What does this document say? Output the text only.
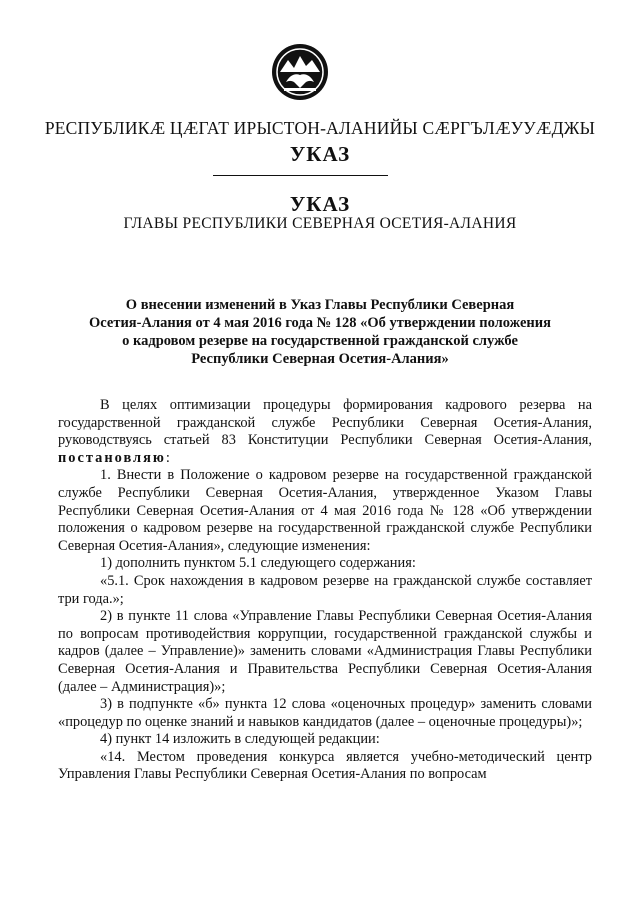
РЕСПУБЛИКӔ ЦӔГАТ ИРЫСТОН-АЛАНИЙЫ СӔРГЪЛӔУУӔДЖЫ
УКАЗ
УКАЗ
ГЛАВЫ РЕСПУБЛИКИ СЕВЕРНАЯ ОСЕТИЯ-АЛАНИЯ
О внесении изменений в Указ Главы Республики Северная
Осетия-Алания от 4 мая 2016 года № 128 «Об утверждении положения
о кадровом резерве на государственной гражданской службе
Республики Северная Осетия-Алания»

В целях оптимизации процедуры формирования кадрового резерва на государственной гражданской службе Республики Северная Осетия-Алания, руководствуясь статьей 83 Конституции Республики Северная Осетия-Алания, постановляю:

1. Внести в Положение о кадровом резерве на государственной гражданской службе Республики Северная Осетия-Алания, утвержденное Указом Главы Республики Северная Осетия-Алания от 4 мая 2016 года № 128 «Об утверждении положения о кадровом резерве на государственной гражданской службе Республики Северная Осетия-Алания», следующие изменения:

1) дополнить пунктом 5.1 следующего содержания:

«5.1. Срок нахождения в кадровом резерве на гражданской службе составляет три года.»;

2) в пункте 11 слова «Управление Главы Республики Северная Осетия-Алания по вопросам противодействия коррупции, государственной гражданской службы и кадров (далее – Управление)» заменить словами «Администрация Главы Республики Северная Осетия-Алания и Правительства Республики Северная Осетия-Алания (далее – Администрация)»;

3) в подпункте «б» пункта 12 слова «оценочных процедур» заменить словами «процедур по оценке знаний и навыков кандидатов (далее – оценочные процедуры)»;

4) пункт 14 изложить в следующей редакции:

«14. Местом проведения конкурса является учебно-методический центр Управления Главы Республики Северная Осетия-Алания по вопросам
